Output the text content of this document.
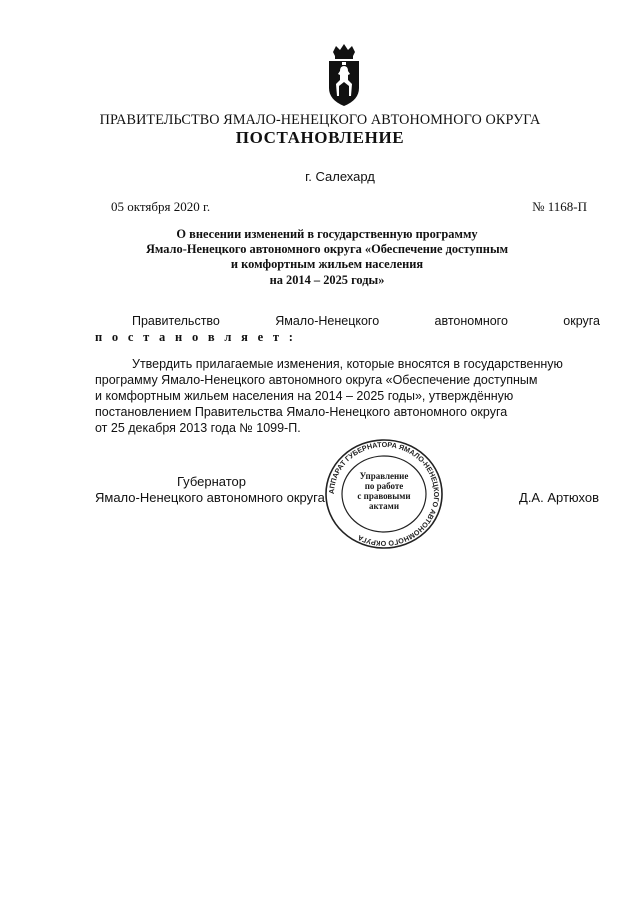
ПРАВИТЕЛЬСТВО ЯМАЛО-НЕНЕЦКОГО АВТОНОМНОГО ОКРУГА
ПОСТАНОВЛЕНИЕ
г. Салехард
05 октября 2020 г.	№ 1168-П
О внесении изменений в государственную программу
Ямало-Ненецкого автономного округа «Обеспечение доступным
и комфортным жильем населения
на 2014 – 2025 годы»
Правительство	Ямало-Ненецкого	автономного	округа
п о с т а н о в л я е т :
Утвердить прилагаемые изменения, которые вносятся в государственную
программу Ямало-Ненецкого автономного округа «Обеспечение доступным
и комфортным жильем населения на 2014 – 2025 годы», утверждённую
постановлением Правительства Ямало-Ненецкого автономного округа
от 25 декабря 2013 года № 1099-П.
АППАРАТ ГУБЕРНАТОРА ЯМАЛО-НЕНЕЦКОГО АВТОНОМНОГО ОКРУГА
Управление
по работе
с правовыми
актами
Губернатор
Ямало-Ненецкого автономного округа	Д.А. Артюхов
